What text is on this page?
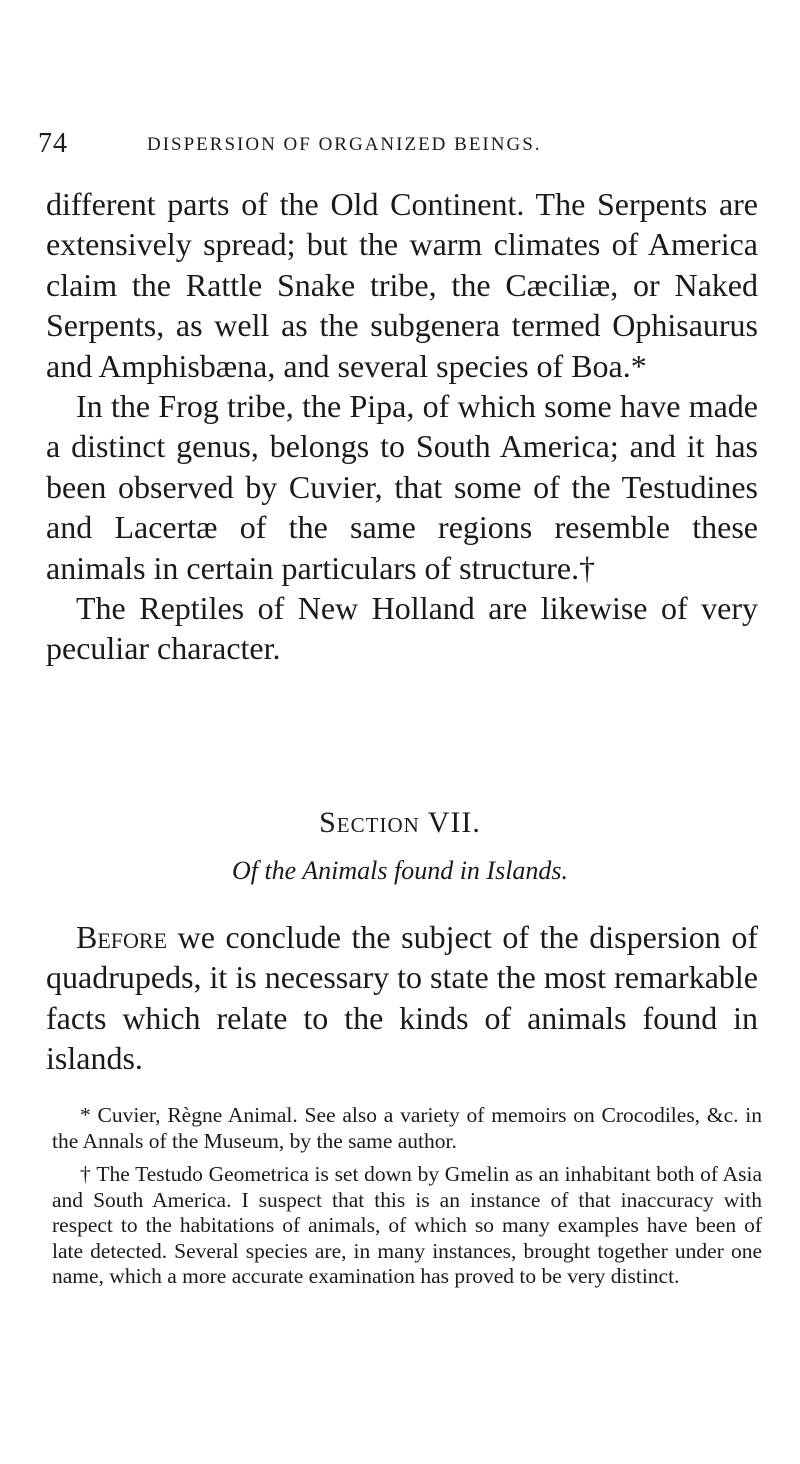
74	DISPERSION OF ORGANIZED BEINGS.

different parts of the Old Continent. The Serpents are extensively spread; but the warm climates of America claim the Rattle Snake tribe, the Cæciliæ, or Naked Serpents, as well as the subgenera termed Ophisaurus and Amphisbæna, and several species of Boa.*

In the Frog tribe, the Pipa, of which some have made a distinct genus, belongs to South America; and it has been observed by Cuvier, that some of the Testudines and Lacertæ of the same regions resemble these animals in certain particulars of structure.†

The Reptiles of New Holland are likewise of very peculiar character.

Section VII.
Of the Animals found in Islands.

Before we conclude the subject of the dispersion of quadrupeds, it is necessary to state the most remarkable facts which relate to the kinds of animals found in islands.

* Cuvier, Règne Animal. See also a variety of memoirs on Crocodiles, &c. in the Annals of the Museum, by the same author.

† The Testudo Geometrica is set down by Gmelin as an inhabitant both of Asia and South America. I suspect that this is an instance of that inaccuracy with respect to the habitations of animals, of which so many examples have been of late detected. Several species are, in many instances, brought together under one name, which a more accurate examination has proved to be very distinct.
